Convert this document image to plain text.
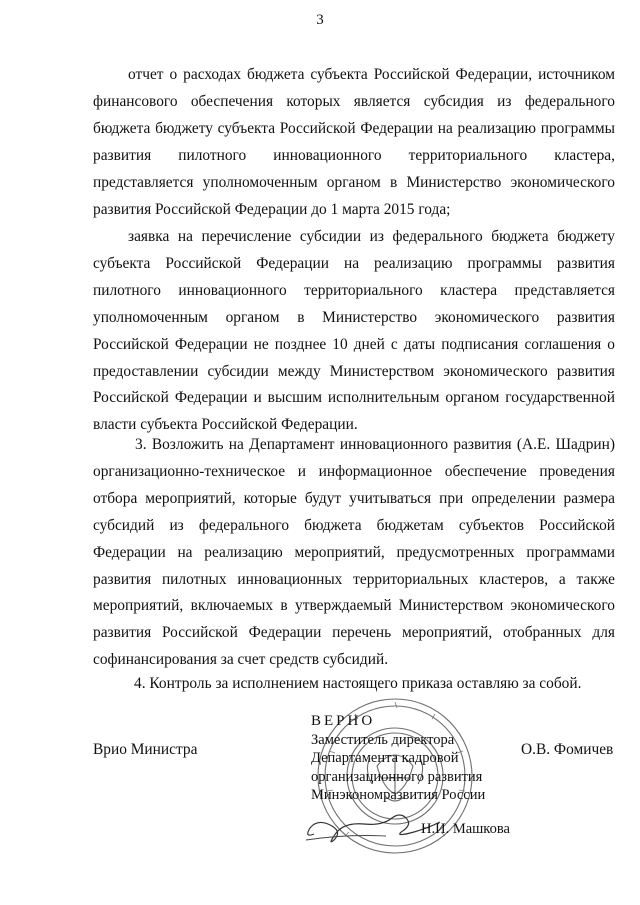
3

отчет о расходах бюджета субъекта Российской Федерации, источником финансового обеспечения которых является субсидия из федерального бюджета бюджету субъекта Российской Федерации на реализацию программы развития пилотного инновационного территориального кластера, представляется уполномоченным органом в Министерство экономического развития Российской Федерации до 1 марта 2015 года;

заявка на перечисление субсидии из федерального бюджета бюджету субъекта Российской Федерации на реализацию программы развития пилотного инновационного территориального кластера представляется уполномоченным органом в Министерство экономического развития Российской Федерации не позднее 10 дней с даты подписания соглашения о предоставлении субсидии между Министерством экономического развития Российской Федерации и высшим исполнительным органом государственной власти субъекта Российской Федерации.

3. Возложить на Департамент инновационного развития (А.Е. Шадрин) организационно-техническое и информационное обеспечение проведения отбора мероприятий, которые будут учитываться при определении размера субсидий из федерального бюджета бюджетам субъектов Российской Федерации на реализацию мероприятий, предусмотренных программами развития пилотных инновационных территориальных кластеров, а также мероприятий, включаемых в утверждаемый Министерством экономического развития Российской Федерации перечень мероприятий, отобранных для софинансирования за счет средств субсидий.

4. Контроль за исполнением настоящего приказа оставляю за собой.

Врио Министра	О.В. Фомичев
ВЕРНО
Заместитель директора
Департамента кадровой
организационного развития
Минэкономразвития России
Н.И. Машкова
